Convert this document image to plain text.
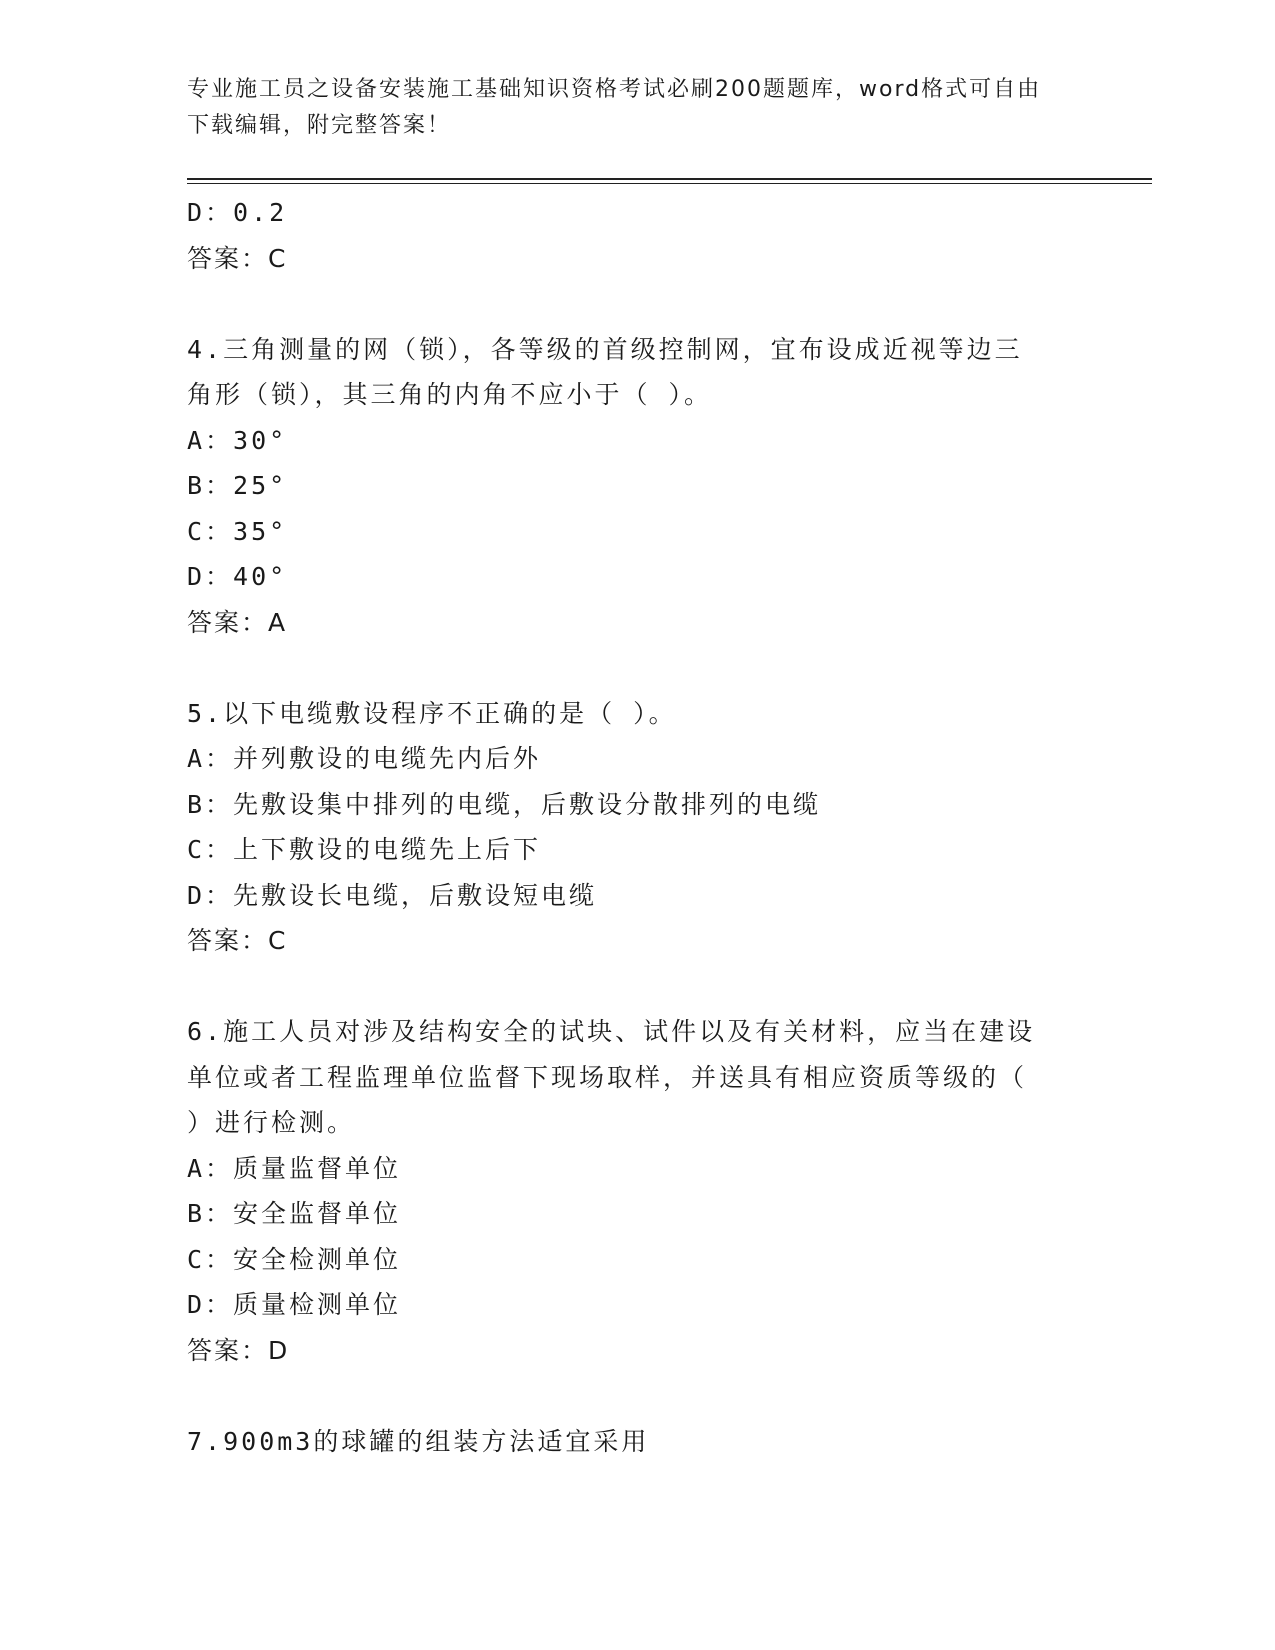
专业施工员之设备安装施工基础知识资格考试必刷200题题库，word格式可自由
下载编辑，附完整答案！
D：0.2
答案：C
4.三角测量的网（锁），各等级的首级控制网，宜布设成近视等边三
角形（锁），其三角的内角不应小于（ ）。
A：30°
B：25°
C：35°
D：40°
答案：A
5.以下电缆敷设程序不正确的是（ ）。
A：并列敷设的电缆先内后外
B：先敷设集中排列的电缆，后敷设分散排列的电缆
C：上下敷设的电缆先上后下
D：先敷设长电缆，后敷设短电缆
答案：C
6.施工人员对涉及结构安全的试块、试件以及有关材料，应当在建设
单位或者工程监理单位监督下现场取样，并送具有相应资质等级的（
）进行检测。
A：质量监督单位
B：安全监督单位
C：安全检测单位
D：质量检测单位
答案：D
7.900m3的球罐的组装方法适宜采用
